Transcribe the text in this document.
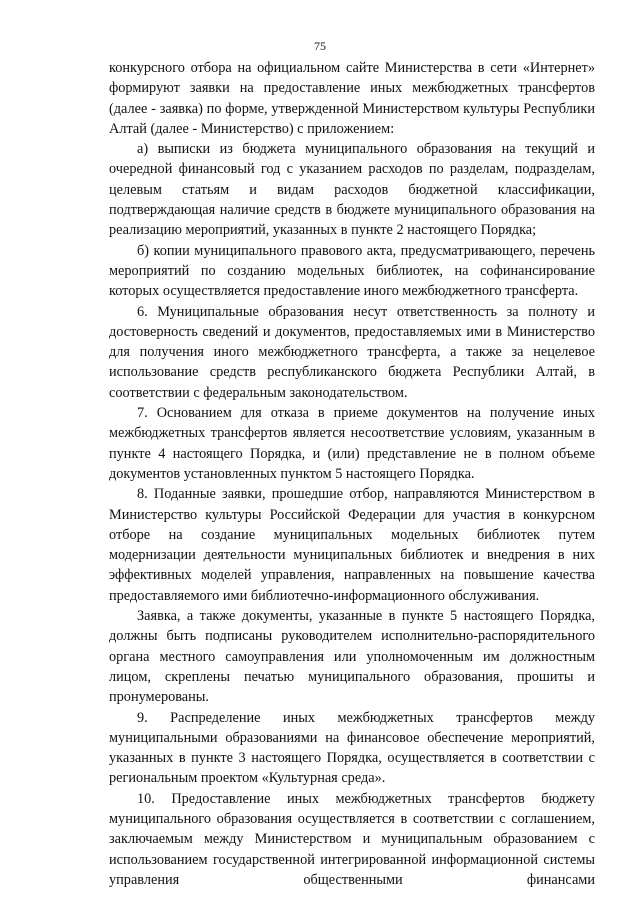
75

конкурсного отбора на официальном сайте Министерства в сети «Интернет» формируют заявки на предоставление иных межбюджетных трансфертов (далее - заявка) по форме, утвержденной Министерством культуры Республики Алтай (далее - Министерство) с приложением:

а) выписки из бюджета муниципального образования на текущий и очередной финансовый год с указанием расходов по разделам, подразделам, целевым статьям и видам расходов бюджетной классификации, подтверждающая наличие средств в бюджете муниципального образования на реализацию мероприятий, указанных в пункте 2 настоящего Порядка;

б) копии муниципального правового акта, предусматривающего, перечень мероприятий по созданию модельных библиотек, на софинансирование которых осуществляется предоставление иного межбюджетного трансферта.

6. Муниципальные образования несут ответственность за полноту и достоверность сведений и документов, предоставляемых ими в Министерство для получения иного межбюджетного трансферта, а также за нецелевое использование средств республиканского бюджета Республики Алтай, в соответствии с федеральным законодательством.

7. Основанием для отказа в приеме документов на получение иных межбюджетных трансфертов является несоответствие условиям, указанным в пункте 4 настоящего Порядка, и (или) представление не в полном объеме документов установленных пунктом 5 настоящего Порядка.

8. Поданные заявки, прошедшие отбор, направляются Министерством в Министерство культуры Российской Федерации для участия в конкурсном отборе на создание муниципальных модельных библиотек путем модернизации деятельности муниципальных библиотек и внедрения в них эффективных моделей управления, направленных на повышение качества предоставляемого ими библиотечно-информационного обслуживания.

Заявка, а также документы, указанные в пункте 5 настоящего Порядка, должны быть подписаны руководителем исполнительно-распорядительного органа местного самоуправления или уполномоченным им должностным лицом, скреплены печатью муниципального образования, прошиты и пронумерованы.

9. Распределение иных межбюджетных трансфертов между муниципальными образованиями на финансовое обеспечение мероприятий, указанных в пункте 3 настоящего Порядка, осуществляется в соответствии с региональным проектом «Культурная среда».

10. Предоставление иных межбюджетных трансфертов бюджету муниципального образования осуществляется в соответствии с соглашением, заключаемым между Министерством и муниципальным образованием с использованием государственной интегрированной информационной системы управления общественными финансами
